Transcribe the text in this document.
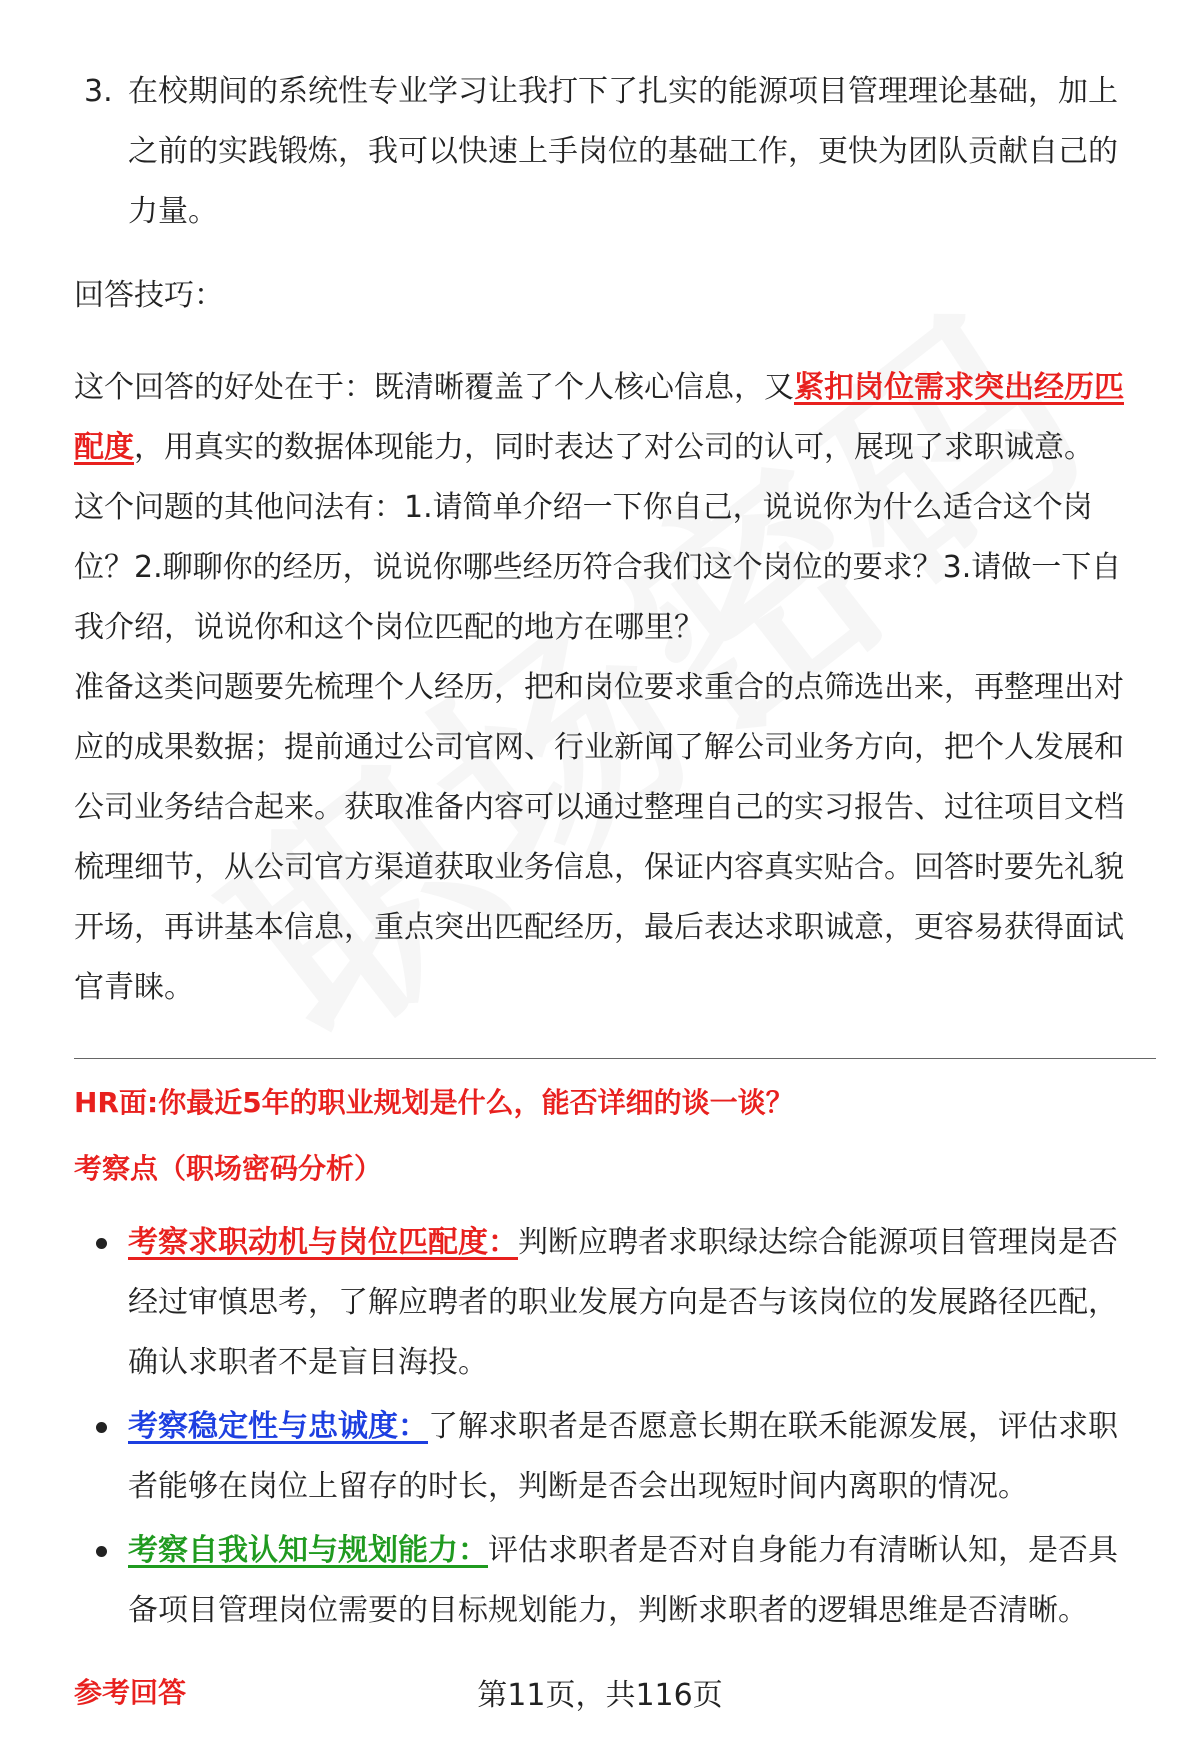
3. 在校期间的系统性专业学习让我打下了扎实的能源项目管理理论基础，加上之前的实践锻炼，我可以快速上手岗位的基础工作，更快为团队贡献自己的力量。

回答技巧：

这个回答的好处在于：既清晰覆盖了个人核心信息，又紧扣岗位需求突出经历匹配度，用真实的数据体现能力，同时表达了对公司的认可，展现了求职诚意。

这个问题的其他问法有：1.请简单介绍一下你自己，说说你为什么适合这个岗位？2.聊聊你的经历，说说你哪些经历符合我们这个岗位的要求？3.请做一下自我介绍，说说你和这个岗位匹配的地方在哪里？

准备这类问题要先梳理个人经历，把和岗位要求重合的点筛选出来，再整理出对应的成果数据；提前通过公司官网、行业新闻了解公司业务方向，把个人发展和公司业务结合起来。获取准备内容可以通过整理自己的实习报告、过往项目文档梳理细节，从公司官方渠道获取业务信息，保证内容真实贴合。回答时要先礼貌开场，再讲基本信息，重点突出匹配经历，最后表达求职诚意，更容易获得面试官青睐。

HR面:你最近5年的职业规划是什么，能否详细的谈一谈？

考察点（职场密码分析）

考察求职动机与岗位匹配度：判断应聘者求职绿达综合能源项目管理岗是否经过审慎思考，了解应聘者的职业发展方向是否与该岗位的发展路径匹配，确认求职者不是盲目海投。
考察稳定性与忠诚度：了解求职者是否愿意长期在联禾能源发展，评估求职者能够在岗位上留存的时长，判断是否会出现短时间内离职的情况。
考察自我认知与规划能力：评估求职者是否对自身能力有清晰认知，是否具备项目管理岗位需要的目标规划能力，判断求职者的逻辑思维是否清晰。

参考回答	第11页，共116页
